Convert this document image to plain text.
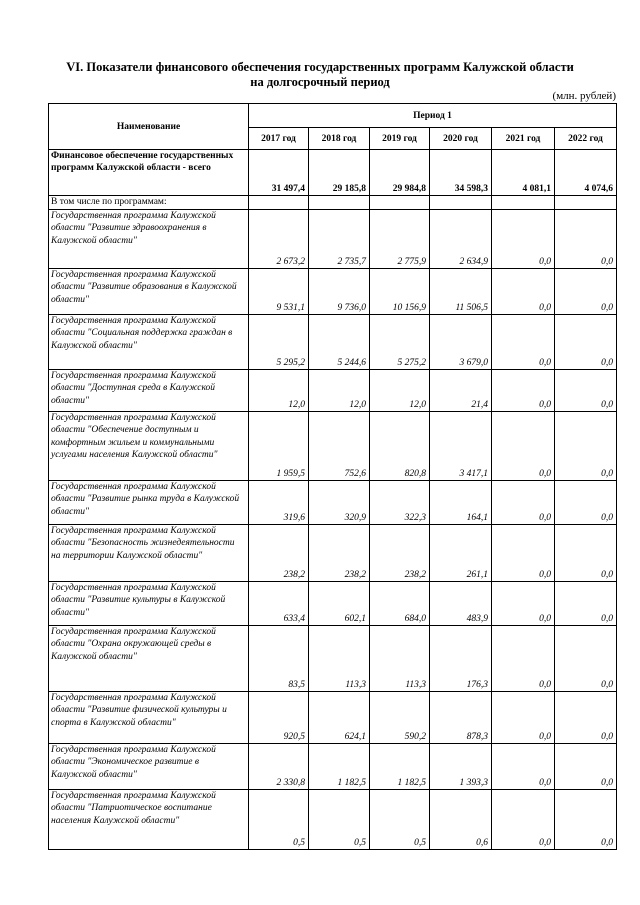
VI. Показатели финансового обеспечения государственных программ Калужской области
на долгосрочный период
(млн. рублей)
Наименование	Период 1					
	2017 год	2018 год	2019 год	2020 год	2021 год	2022 год
Финансовое обеспечение государственных программ Калужской области - всего	31 497,4	29 185,8	29 984,8	34 598,3	4 081,1	4 074,6
В том числе по программам:						
Государственная программа Калужской области "Развитие здравоохранения в Калужской области"	2 673,2	2 735,7	2 775,9	2 634,9	0,0	0,0
Государственная программа Калужской области "Развитие образования в Калужской области"	9 531,1	9 736,0	10 156,9	11 506,5	0,0	0,0
Государственная программа Калужской области "Социальная поддержка граждан в Калужской области"	5 295,2	5 244,6	5 275,2	3 679,0	0,0	0,0
Государственная программа Калужской области "Доступная среда в Калужской области"	12,0	12,0	12,0	21,4	0,0	0,0
Государственная программа Калужской области "Обеспечение доступным и комфортным жильем и коммунальными услугами населения Калужской области"	1 959,5	752,6	820,8	3 417,1	0,0	0,0
Государственная программа Калужской области "Развитие рынка труда в Калужской области"	319,6	320,9	322,3	164,1	0,0	0,0
Государственная программа Калужской области "Безопасность жизнедеятельности на территории Калужской области"	238,2	238,2	238,2	261,1	0,0	0,0
Государственная программа Калужской области "Развитие культуры в Калужской области"	633,4	602,1	684,0	483,9	0,0	0,0
Государственная программа Калужской области "Охрана окружающей среды в Калужской области"	83,5	113,3	113,3	176,3	0,0	0,0
Государственная программа Калужской области "Развитие физической культуры и спорта в Калужской области"	920,5	624,1	590,2	878,3	0,0	0,0
Государственная программа Калужской области "Экономическое развитие в Калужской области"	2 330,8	1 182,5	1 182,5	1 393,3	0,0	0,0
Государственная программа Калужской области "Патриотическое воспитание населения Калужской области"	0,5	0,5	0,5	0,6	0,0	0,0
